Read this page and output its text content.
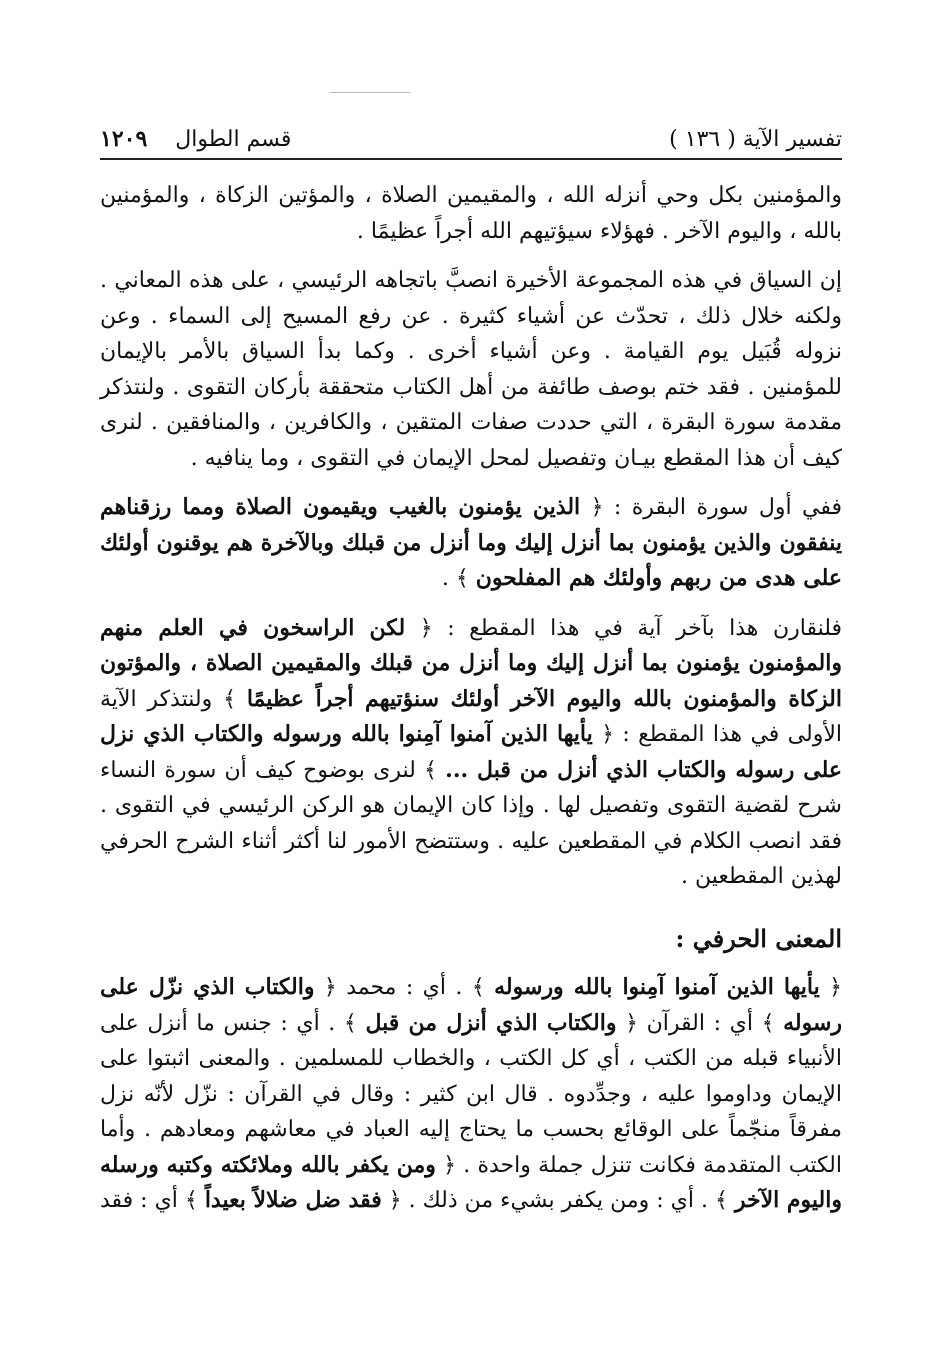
تفسير الآية ( ١٣٦ )
قسم الطوال    ١٢٠٩

والمؤمنين بكل وحي أنزله الله ، والمقيمين الصلاة ، والمؤتين الزكاة ، والمؤمنين بالله ، واليوم الآخر . فهؤلاء سيؤتيهم الله أجراً عظيمًا .

إن السياق في هذه المجموعة الأخيرة انصبَّ باتجاهه الرئيسي ، على هذه المعاني . ولكنه خلال ذلك ، تحدّث عن أشياء كثيرة . عن رفع المسيح إلى السماء . وعن نزوله قُبَيل يوم القيامة . وعن أشياء أخرى . وكما بدأ السياق بالأمر بالإيمان للمؤمنين . فقد ختم بوصف طائفة من أهل الكتاب متحققة بأركان التقوى . ولنتذكر مقدمة سورة البقرة ، التي حددت صفات المتقين ، والكافرين ، والمنافقين . لنرى كيف أن هذا المقطع بيـان وتفصيل لمحل الإيمان في التقوى ، وما ينافيه .

ففي أول سورة البقرة : ﴿ الذين يؤمنون بالغيب ويقيمون الصلاة ومما رزقناهم ينفقون والذين يؤمنون بما أنزل إليك وما أنزل من قبلك وبالآخرة هم يوقنون أولئك على هدى من ربهم وأولئك هم المفلحون ﴾ .

فلنقارن هذا بآخر آية في هذا المقطع : ﴿ لكن الراسخون في العلم منهم والمؤمنون يؤمنون بما أنزل إليك وما أنزل من قبلك والمقيمين الصلاة ، والمؤتون الزكاة والمؤمنون بالله واليوم الآخر أولئك سنؤتيهم أجراً عظيمًا ﴾ ولنتذكر الآية الأولى في هذا المقطع : ﴿ يأيها الذين آمنوا آمِنوا بالله ورسوله والكتاب الذي نزل على رسوله والكتاب الذي أنزل من قبل ... ﴾ لنرى بوضوح كيف أن سورة النساء شرح لقضية التقوى وتفصيل لها . وإذا كان الإيمان هو الركن الرئيسي في التقوى . فقد انصب الكلام في المقطعين عليه . وستتضح الأمور لنا أكثر أثناء الشرح الحرفي لهذين المقطعين .

المعنى الحرفي :

﴿ يأيها الذين آمنوا آمِنوا بالله ورسوله ﴾ . أي : محمد ﴿ والكتاب الذي نزّل على رسوله ﴾ أي : القرآن ﴿ والكتاب الذي أنزل من قبل ﴾ . أي : جنس ما أنزل على الأنبياء قبله من الكتب ، أي كل الكتب ، والخطاب للمسلمين . والمعنى اثبتوا على الإيمان وداوموا عليه ، وجدِّدوه . قال ابن كثير : وقال في القرآن : نزّل لأنّه نزل مفرقاً منجّماً على الوقائع بحسب ما يحتاج إليه العباد في معاشهم ومعادهم . وأما الكتب المتقدمة فكانت تنزل جملة واحدة . ﴿ ومن يكفر بالله وملائكته وكتبه ورسله واليوم الآخر ﴾ . أي : ومن يكفر بشيء من ذلك . ﴿ فقد ضل ضلالاً بعيداً ﴾ أي : فقد
